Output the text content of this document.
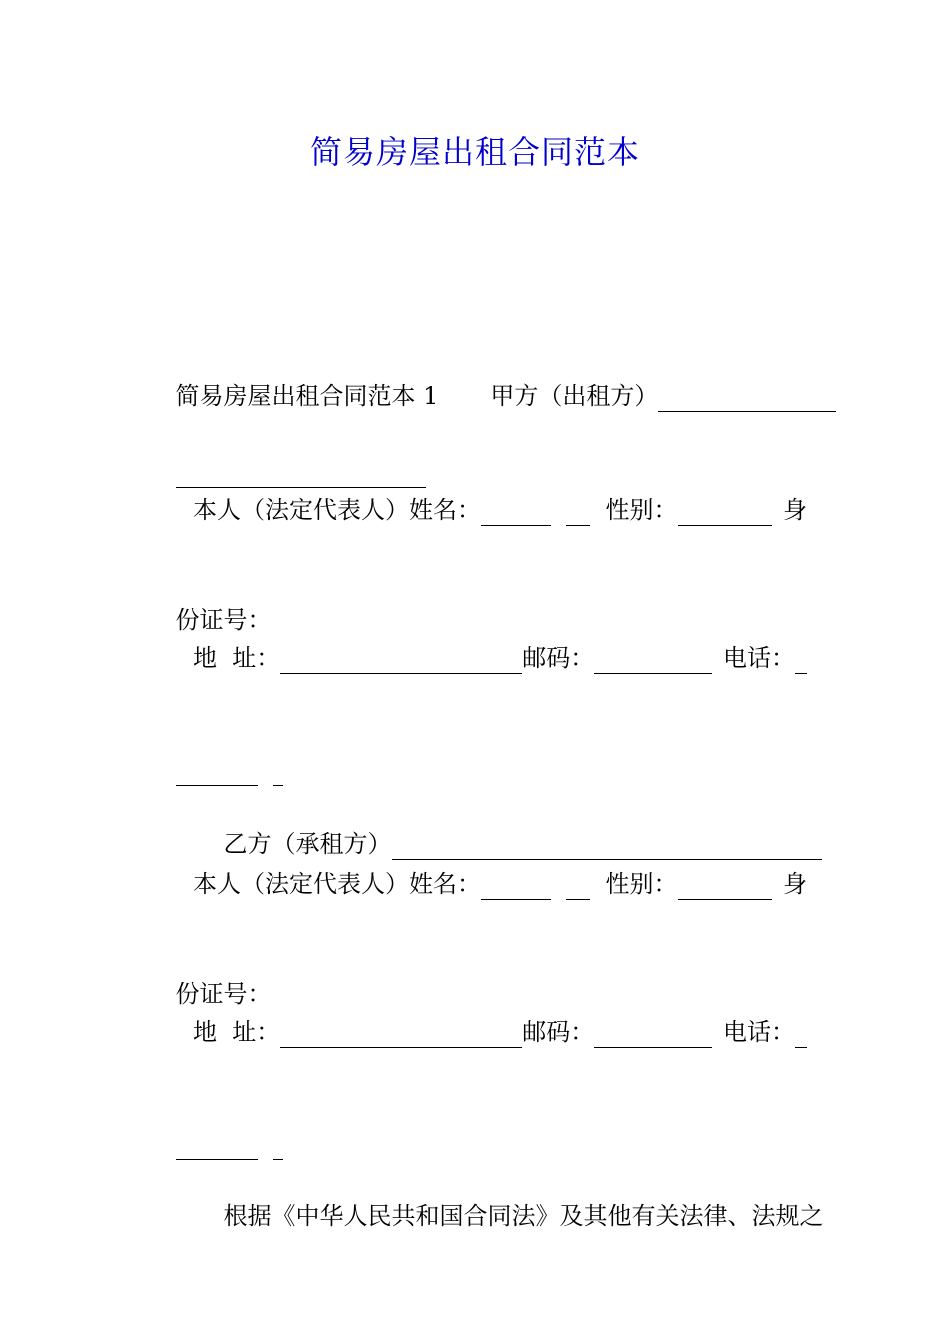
简易房屋出租合同范本

简易房屋出租合同范本 1 甲方（出租方）

本人（法定代表人）姓名：	性别：	身

份证号：

地  址：	邮码：	电话：

乙方（承租方）

本人（法定代表人）姓名：	性别：	身

份证号：

地  址：	邮码：	电话：

根据《中华人民共和国合同法》及其他有关法律、法规之
